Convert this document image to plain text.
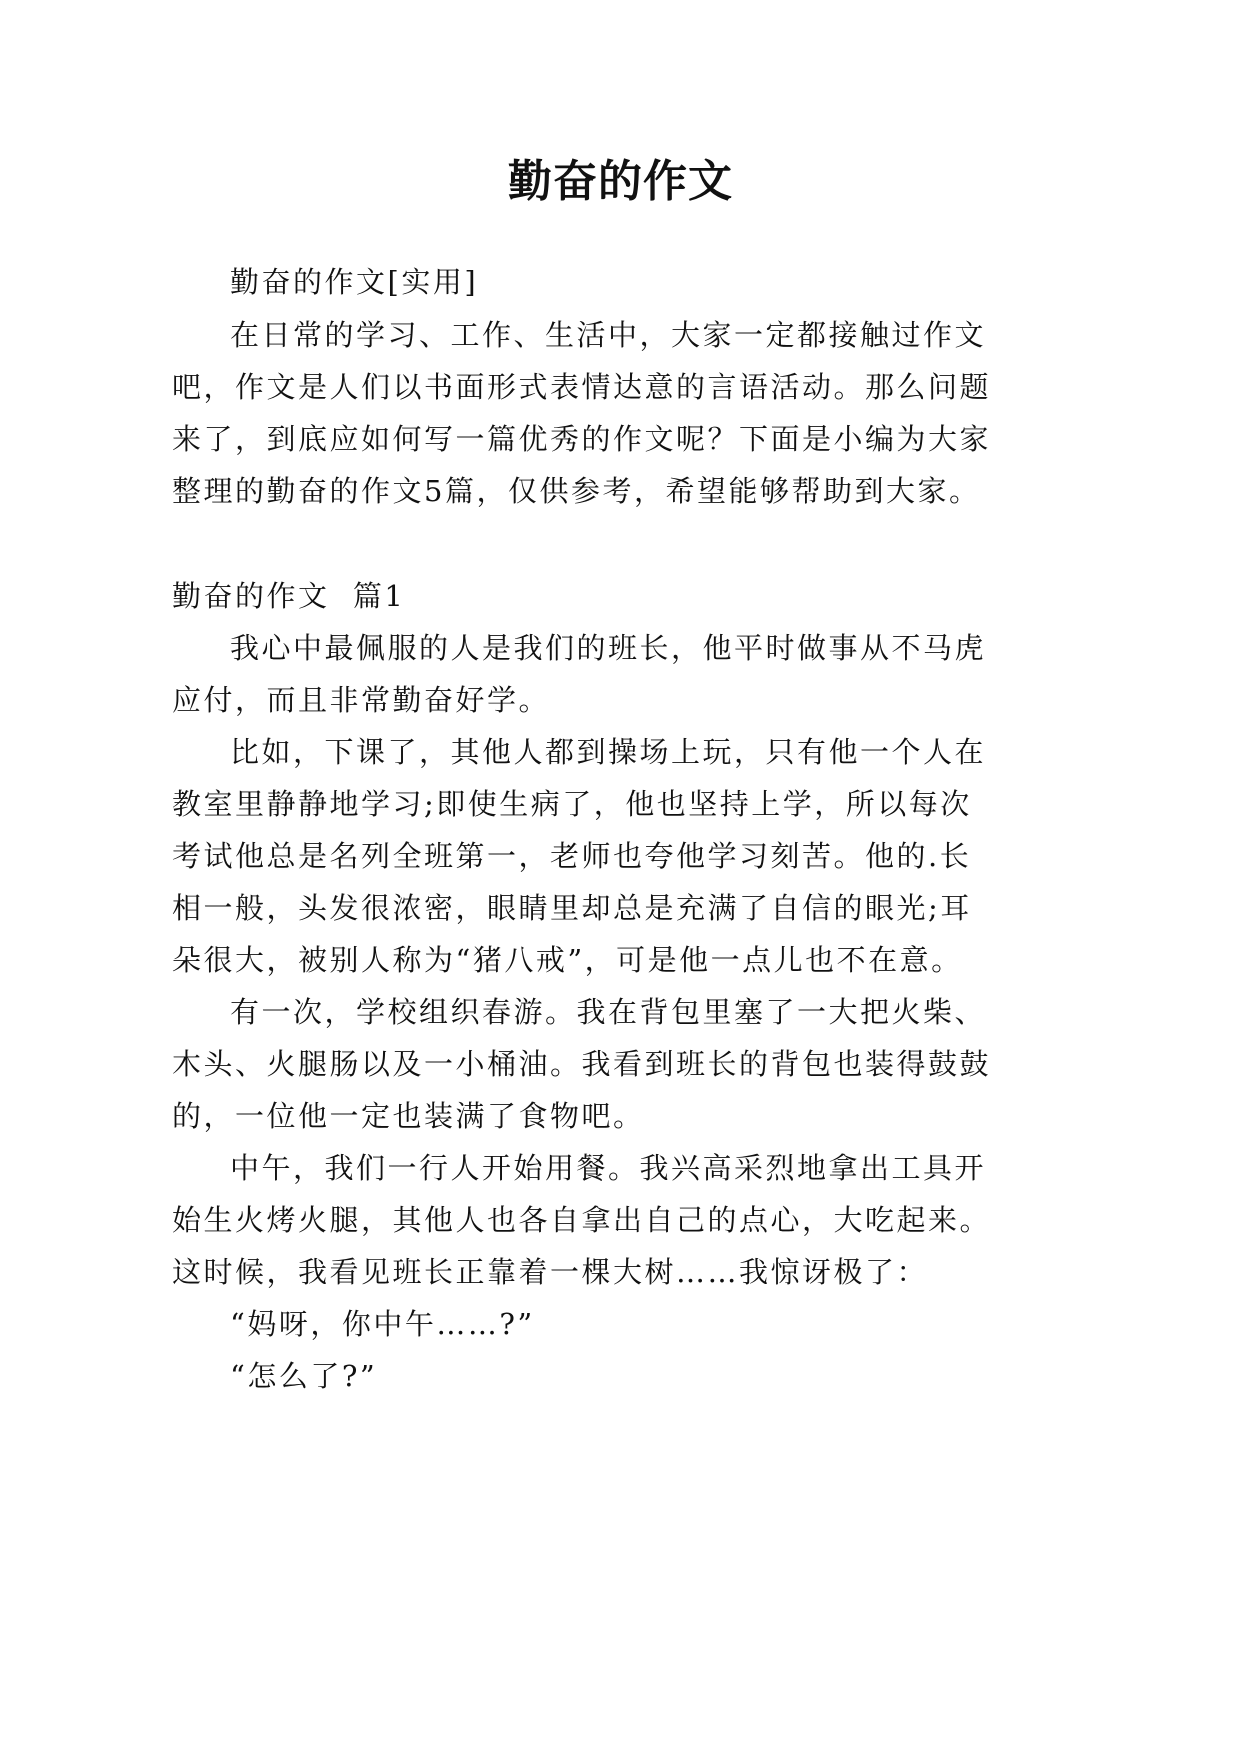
勤奋的作文
勤奋的作文[实用]
在日常的学习、工作、生活中，大家一定都接触过作文
吧，作文是人们以书面形式表情达意的言语活动。那么问题
来了，到底应如何写一篇优秀的作文呢？下面是小编为大家
整理的勤奋的作文5篇，仅供参考，希望能够帮助到大家。
勤奋的作文  篇1
我心中最佩服的人是我们的班长，他平时做事从不马虎
应付，而且非常勤奋好学。
比如，下课了，其他人都到操场上玩，只有他一个人在
教室里静静地学习;即使生病了，他也坚持上学，所以每次
考试他总是名列全班第一，老师也夸他学习刻苦。他的.长
相一般，头发很浓密，眼睛里却总是充满了自信的眼光;耳
朵很大，被别人称为“猪八戒”，可是他一点儿也不在意。
有一次，学校组织春游。我在背包里塞了一大把火柴、
木头、火腿肠以及一小桶油。我看到班长的背包也装得鼓鼓
的，一位他一定也装满了食物吧。
中午，我们一行人开始用餐。我兴高采烈地拿出工具开
始生火烤火腿，其他人也各自拿出自己的点心，大吃起来。
这时候，我看见班长正靠着一棵大树……我惊讶极了：
“妈呀，你中午……?”
“怎么了?”
